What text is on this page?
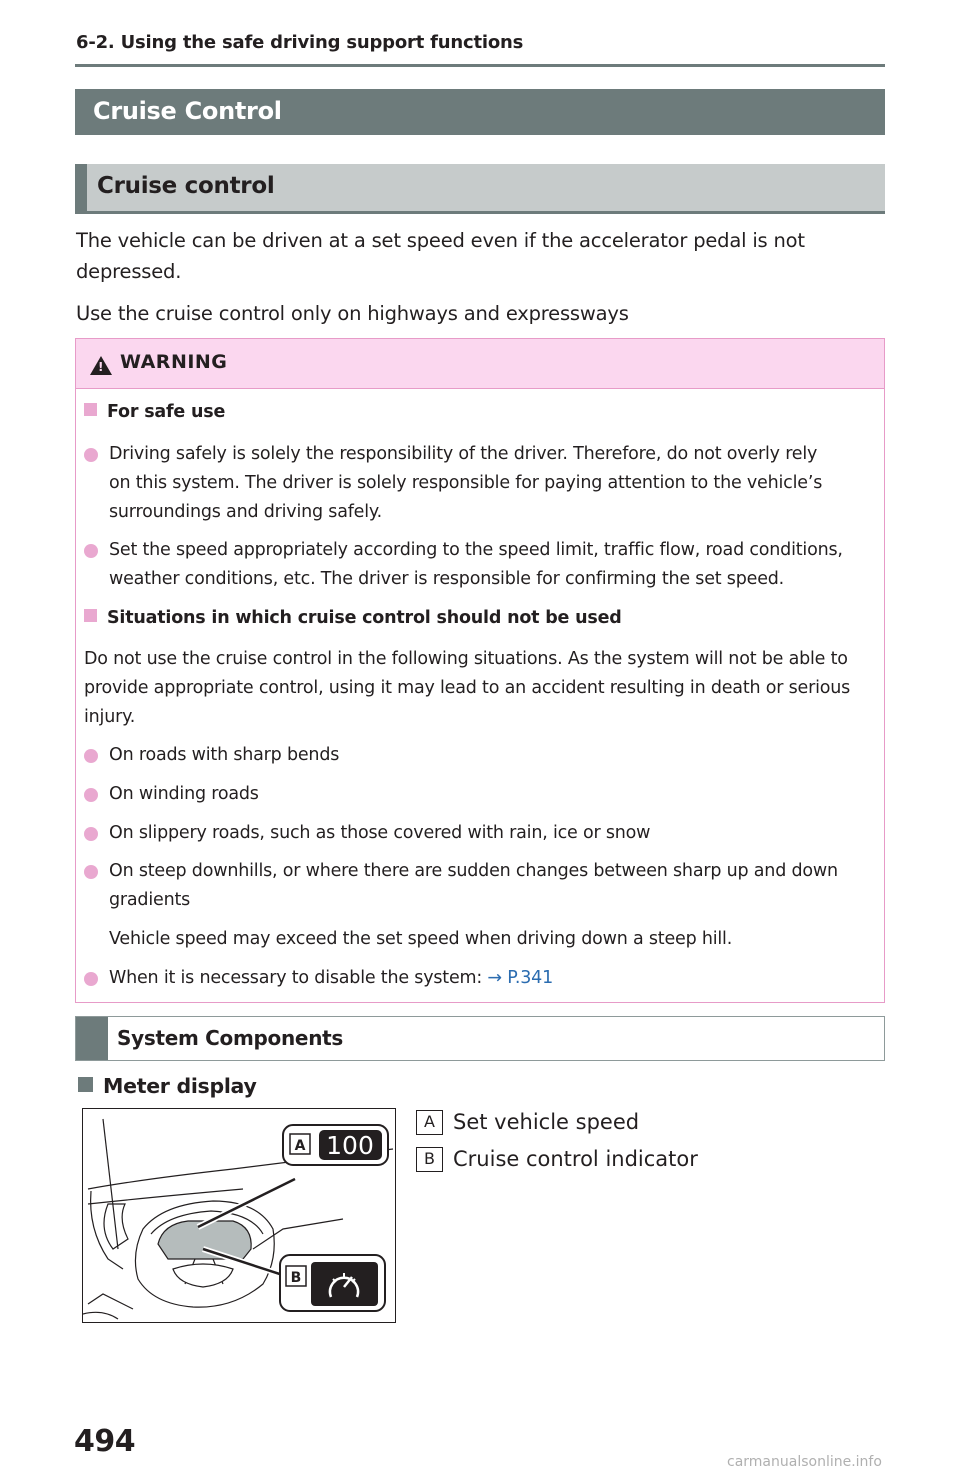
6-2. Using the safe driving support functions
Cruise Control
Cruise control
The vehicle can be driven at a set speed even if the accelerator pedal is not
depressed.
Use the cruise control only on highways and expressways
!
WARNING
For safe use
Driving safely is solely the responsibility of the driver. Therefore, do not overly rely
on this system. The driver is solely responsible for paying attention to the vehicle’s
surroundings and driving safely.
Set the speed appropriately according to the speed limit, traffic flow, road conditions,
weather conditions, etc. The driver is responsible for confirming the set speed.
Situations in which cruise control should not be used
Do not use the cruise control in the following situations. As the system will not be able to
provide appropriate control, using it may lead to an accident resulting in death or serious
injury.
On roads with sharp bends
On winding roads
On slippery roads, such as those covered with rain, ice or snow
On steep downhills, or where there are sudden changes between sharp up and down
gradients
Vehicle speed may exceed the set speed when driving down a steep hill.
When it is necessary to disable the system: → P.341
System Components
Meter display
100
A
B
A Set vehicle speed
B Cruise control indicator
494
carmanualsonline.info
